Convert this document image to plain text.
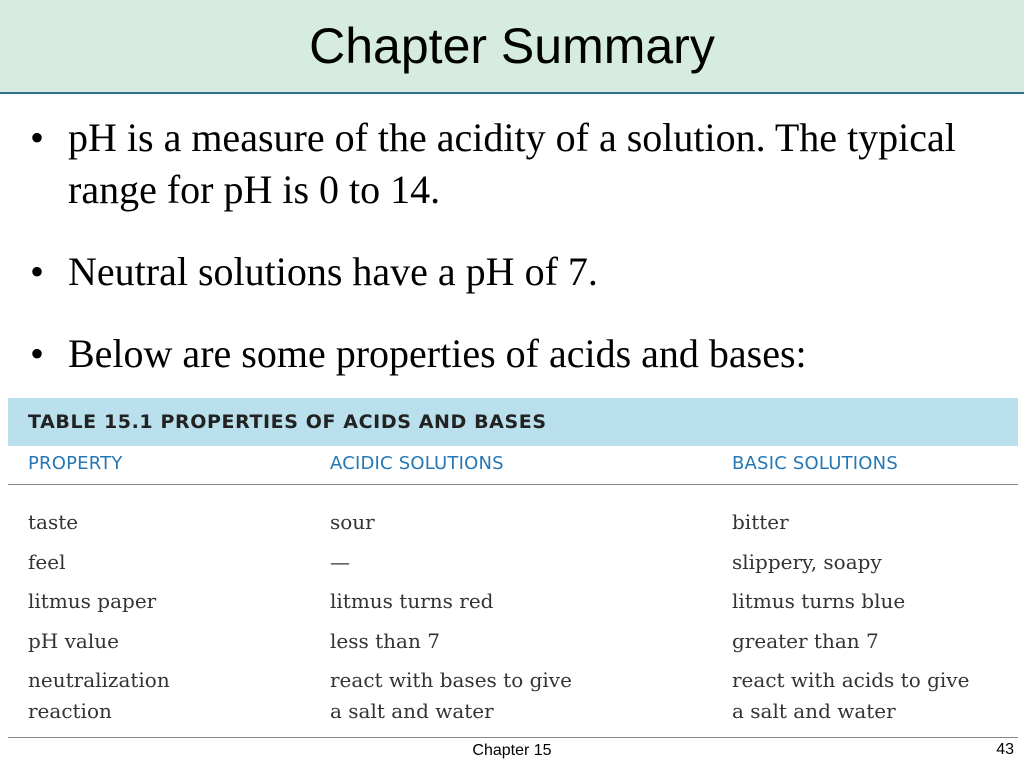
Chapter Summary
• pH is a measure of the acidity of a solution. The typical range for pH is 0 to 14.
• Neutral solutions have a pH of 7.
• Below are some properties of acids and bases:
TABLE 15.1 PROPERTIES OF ACIDS AND BASES
PROPERTY	ACIDIC SOLUTIONS	BASIC SOLUTIONS
taste	sour	bitter
feel	—	slippery, soapy
litmus paper	litmus turns red	litmus turns blue
pH value	less than 7	greater than 7
neutralization	react with bases to give	react with acids to give
reaction	a salt and water	a salt and water
Chapter 15	43
